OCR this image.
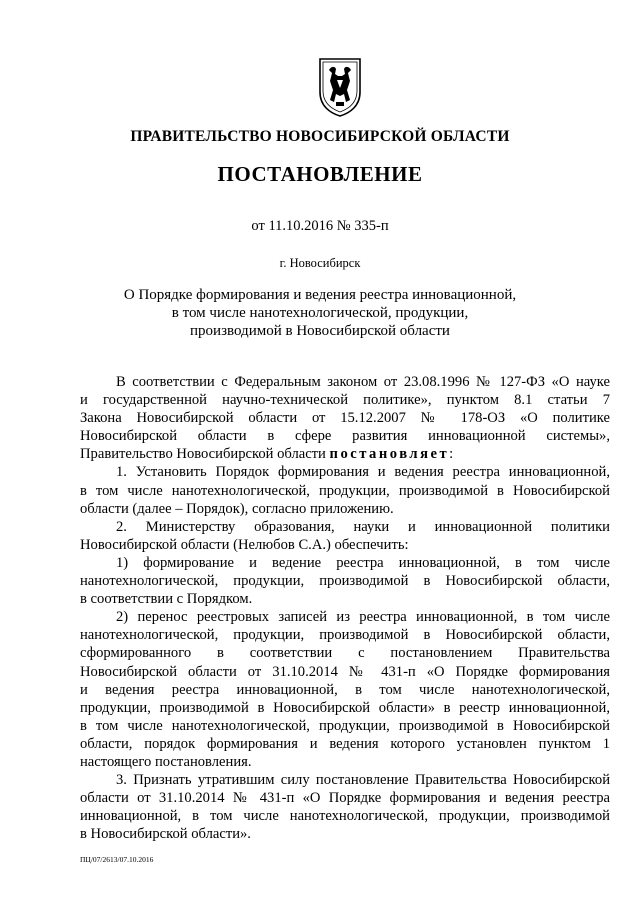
ПРАВИТЕЛЬСТВО НОВОСИБИРСКОЙ ОБЛАСТИ
ПОСТАНОВЛЕНИЕ
от 11.10.2016 № 335-п
г. Новосибирск
О Порядке формирования и ведения реестра инновационной,
в том числе нанотехнологической, продукции,
производимой в Новосибирской области
В соответствии с Федеральным законом от 23.08.1996 № 127-ФЗ «О науке
и государственной научно-технической политике», пунктом 8.1 статьи 7
Закона Новосибирской области от 15.12.2007 № 178-ОЗ «О политике
Новосибирской области в сфере развития инновационной системы»,
Правительство Новосибирской области постановляет:
1. Установить Порядок формирования и ведения реестра инновационной,
в том числе нанотехнологической, продукции, производимой в Новосибирской
области (далее – Порядок), согласно приложению.
2. Министерству образования, науки и инновационной политики
Новосибирской области (Нелюбов С.А.) обеспечить:
1) формирование и ведение реестра инновационной, в том числе
нанотехнологической, продукции, производимой в Новосибирской области,
в соответствии с Порядком.
2) перенос реестровых записей из реестра инновационной, в том числе
нанотехнологической, продукции, производимой в Новосибирской области,
сформированного в соответствии с постановлением Правительства
Новосибирской области от 31.10.2014 № 431-п «О Порядке формирования
и ведения реестра инновационной, в том числе нанотехнологической,
продукции, производимой в Новосибирской области» в реестр инновационной,
в том числе нанотехнологической, продукции, производимой в Новосибирской
области, порядок формирования и ведения которого установлен пунктом 1
настоящего постановления.
3. Признать утратившим силу постановление Правительства Новосибирской
области от 31.10.2014 № 431-п «О Порядке формирования и ведения реестра
инновационной, в том числе нанотехнологической, продукции, производимой
в Новосибирской области».
ПЦ/07/2613/07.10.2016
